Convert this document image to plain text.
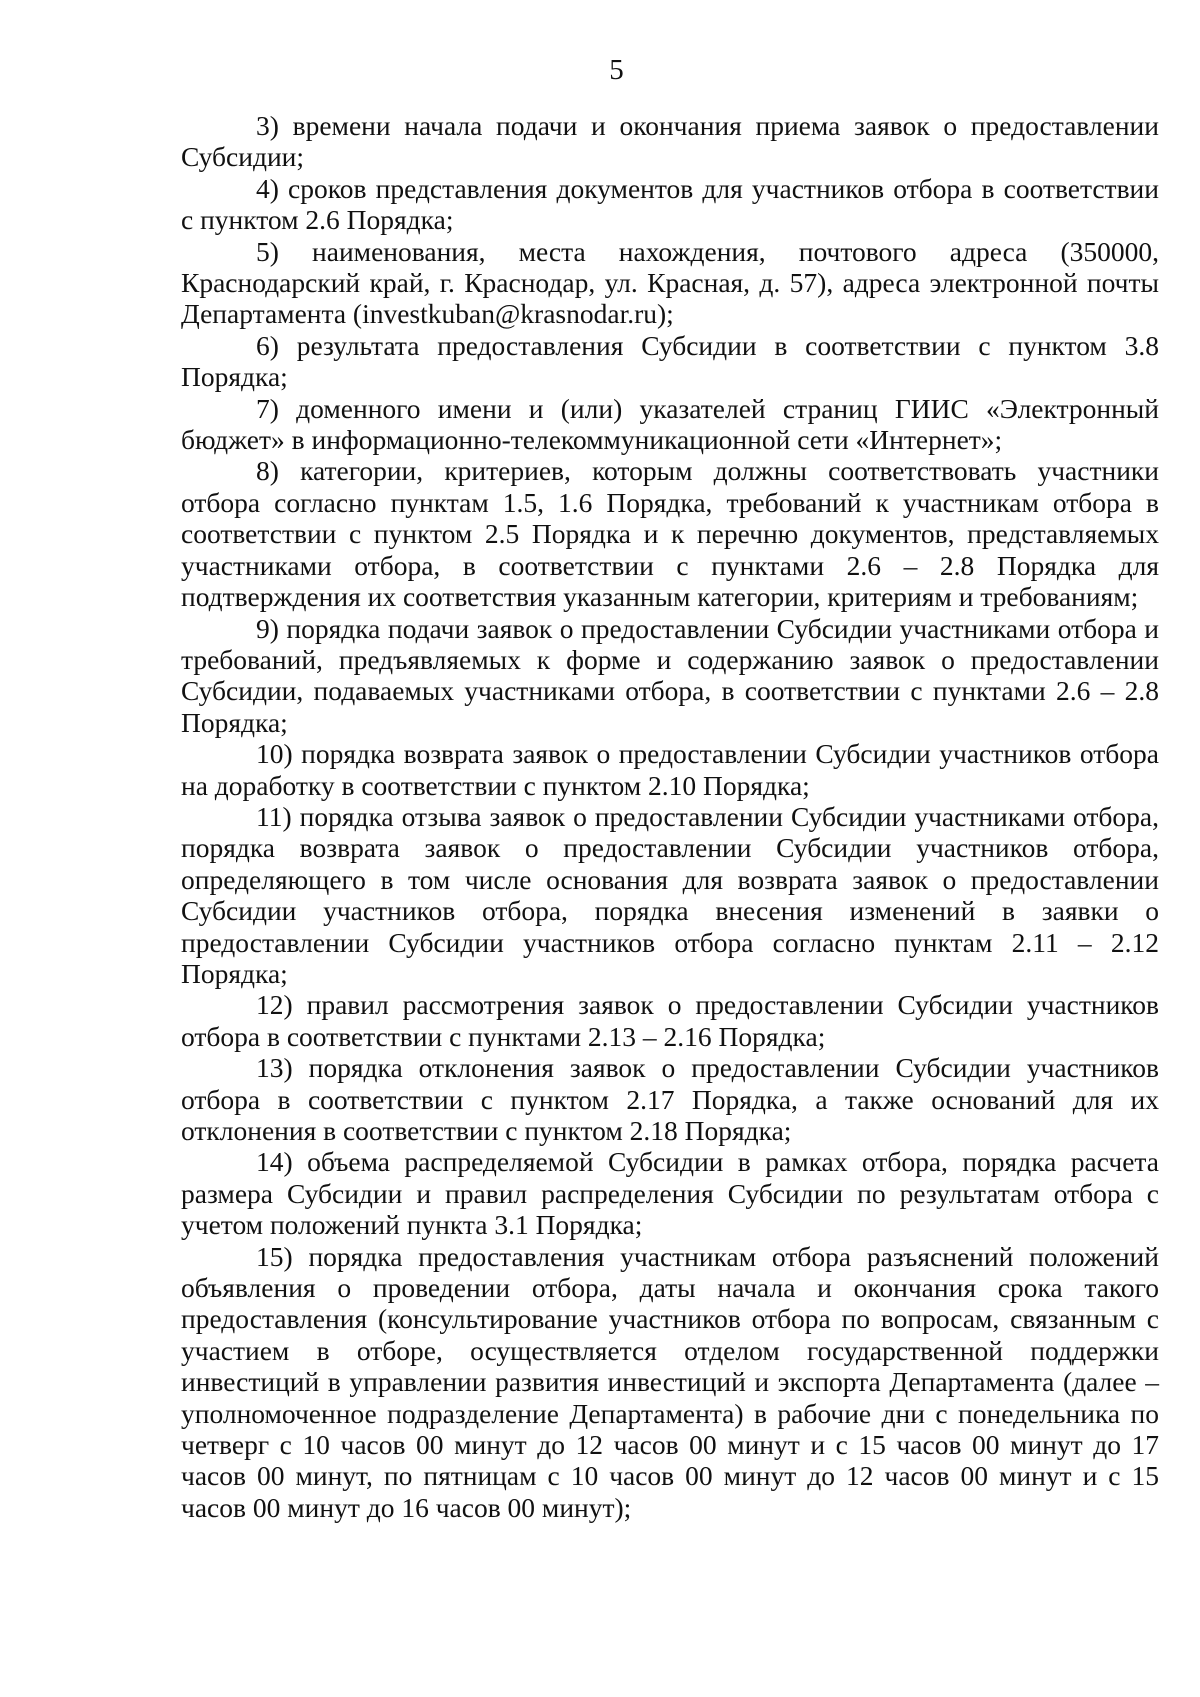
5

3) времени начала подачи и окончания приема заявок о предоставлении Субсидии;

4) сроков представления документов для участников отбора в соответствии с пунктом 2.6 Порядка;

5) наименования, места нахождения, почтового адреса (350000, Краснодарский край, г. Краснодар, ул. Красная, д. 57), адреса электронной почты Департамента (investkuban@krasnodar.ru);

6) результата предоставления Субсидии в соответствии с пунктом 3.8 Порядка;

7) доменного имени и (или) указателей страниц ГИИС «Электронный бюджет» в информационно-телекоммуникационной сети «Интернет»;

8) категории, критериев, которым должны соответствовать участники отбора согласно пунктам 1.5, 1.6 Порядка, требований к участникам отбора в соответствии с пунктом 2.5 Порядка и к перечню документов, представляемых участниками отбора, в соответствии с пунктами 2.6 – 2.8 Порядка для подтверждения их соответствия указанным категории, критериям и требованиям;

9) порядка подачи заявок о предоставлении Субсидии участниками отбора и требований, предъявляемых к форме и содержанию заявок о предоставлении Субсидии, подаваемых участниками отбора, в соответствии с пунктами 2.6 – 2.8 Порядка;

10) порядка возврата заявок о предоставлении Субсидии участников отбора на доработку в соответствии с пунктом 2.10 Порядка;

11) порядка отзыва заявок о предоставлении Субсидии участниками отбора, порядка возврата заявок о предоставлении Субсидии участников отбора, определяющего в том числе основания для возврата заявок о предоставлении Субсидии участников отбора, порядка внесения изменений в заявки о предоставлении Субсидии участников отбора согласно пунктам 2.11 – 2.12 Порядка;

12) правил рассмотрения заявок о предоставлении Субсидии участников отбора в соответствии с пунктами 2.13 – 2.16 Порядка;

13) порядка отклонения заявок о предоставлении Субсидии участников отбора в соответствии с пунктом 2.17 Порядка, а также оснований для их отклонения в соответствии с пунктом 2.18 Порядка;

14) объема распределяемой Субсидии в рамках отбора, порядка расчета размера Субсидии и правил распределения Субсидии по результатам отбора с учетом положений пункта 3.1 Порядка;

15) порядка предоставления участникам отбора разъяснений положений объявления о проведении отбора, даты начала и окончания срока такого предоставления (консультирование участников отбора по вопросам, связанным с участием в отборе, осуществляется отделом государственной поддержки инвестиций в управлении развития инвестиций и экспорта Департамента (далее – уполномоченное подразделение Департамента) в рабочие дни с понедельника по четверг с 10 часов 00 минут до 12 часов 00 минут и с 15 часов 00 минут до 17 часов 00 минут, по пятницам с 10 часов 00 минут до 12 часов 00 минут и с 15 часов 00 минут до 16 часов 00 минут);
